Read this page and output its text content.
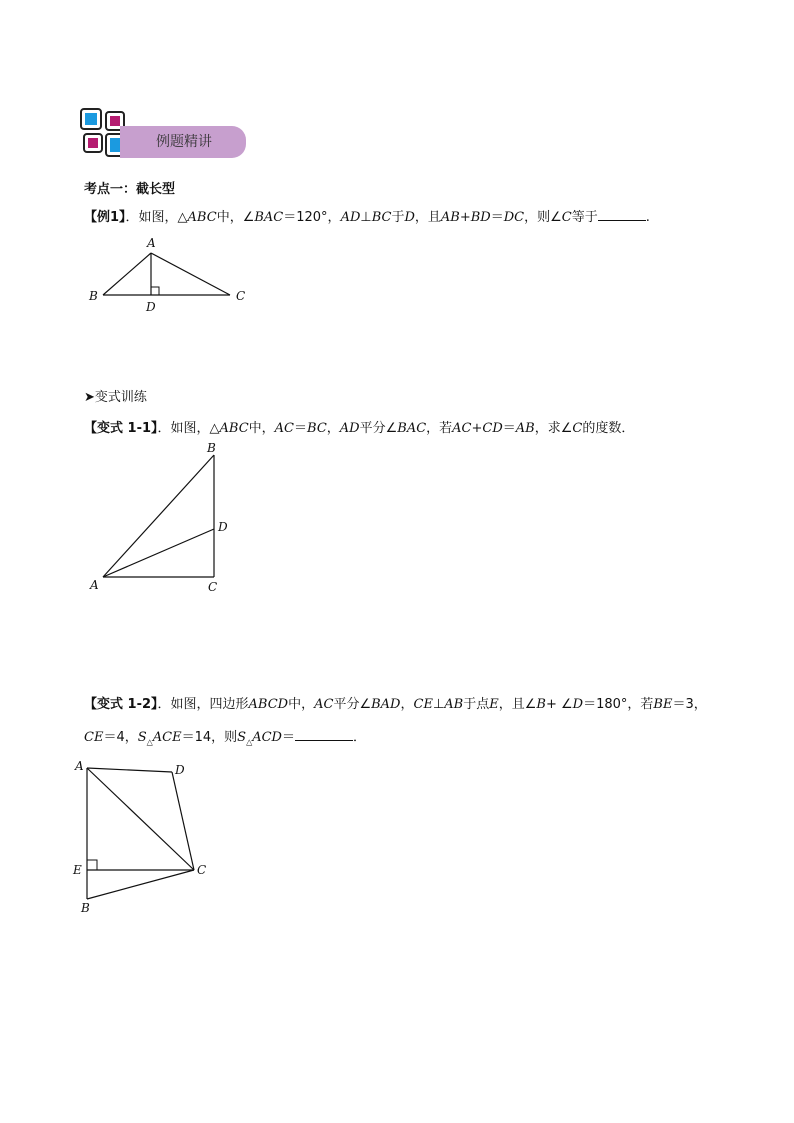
例题精讲
考点一：截长型
【例1】．如图，△ABC中，∠BAC＝120°，AD⊥BC于D，且AB+BD＝DC，则∠C等于	.
A
B	C
D
➤变式训练
【变式 1-1】．如图，△ABC中，AC＝BC，AD平分∠BAC，若AC+CD＝AB，求∠C的度数．
B
D
A	C
【变式 1-2】．如图，四边形ABCD中，AC平分∠BAD，CE⊥AB于点E，且∠B+ ∠D＝180°，若BE＝3，
CE＝4，$S_\triangle ACE=14$，则$S_\triangle ACD=$	．
A	D
E	C
B
